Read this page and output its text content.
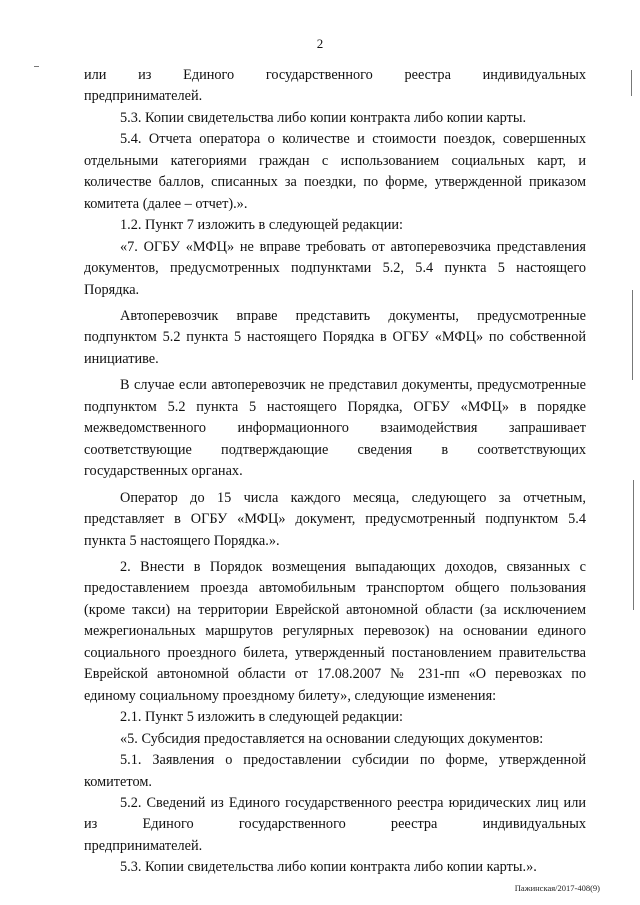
2

или из Единого государственного реестра индивидуальных

предпринимателей.

5.3. Копии свидетельства либо копии контракта либо копии карты.

5.4. Отчета оператора о количестве и стоимости поездок, совершенных отдельными категориями граждан с использованием социальных карт, и количестве баллов, списанных за поездки, по форме, утвержденной приказом комитета (далее – отчет).».

1.2. Пункт 7 изложить в следующей редакции:

«7. ОГБУ «МФЦ» не вправе требовать от автоперевозчика представления документов, предусмотренных подпунктами 5.2, 5.4 пункта 5 настоящего Порядка.

Автоперевозчик вправе представить документы, предусмотренные подпунктом 5.2 пункта 5 настоящего Порядка в ОГБУ «МФЦ» по собственной инициативе.

В случае если автоперевозчик не представил документы, предусмотренные подпунктом 5.2 пункта 5 настоящего Порядка, ОГБУ «МФЦ» в порядке межведомственного информационного взаимодействия запрашивает соответствующие подтверждающие сведения в соответствующих государственных органах.

Оператор до 15 числа каждого месяца, следующего за отчетным, представляет в ОГБУ «МФЦ» документ, предусмотренный подпунктом 5.4 пункта 5 настоящего Порядка.».

2. Внести в Порядок возмещения выпадающих доходов, связанных с предоставлением проезда автомобильным транспортом общего пользования (кроме такси) на территории Еврейской автономной области (за исключением межрегиональных маршрутов регулярных перевозок) на основании единого социального проездного билета, утвержденный постановлением правительства Еврейской автономной области от 17.08.2007 № 231-пп «О перевозках по единому социальному проездному билету», следующие изменения:

2.1. Пункт 5 изложить в следующей редакции:

«5. Субсидия предоставляется на основании следующих документов:

5.1. Заявления о предоставлении субсидии по форме, утвержденной комитетом.

5.2. Сведений из Единого государственного реестра юридических лиц или из Единого государственного реестра индивидуальных

предпринимателей.

5.3. Копии свидетельства либо копии контракта либо копии карты.».

Пажинская/2017-408(9)
